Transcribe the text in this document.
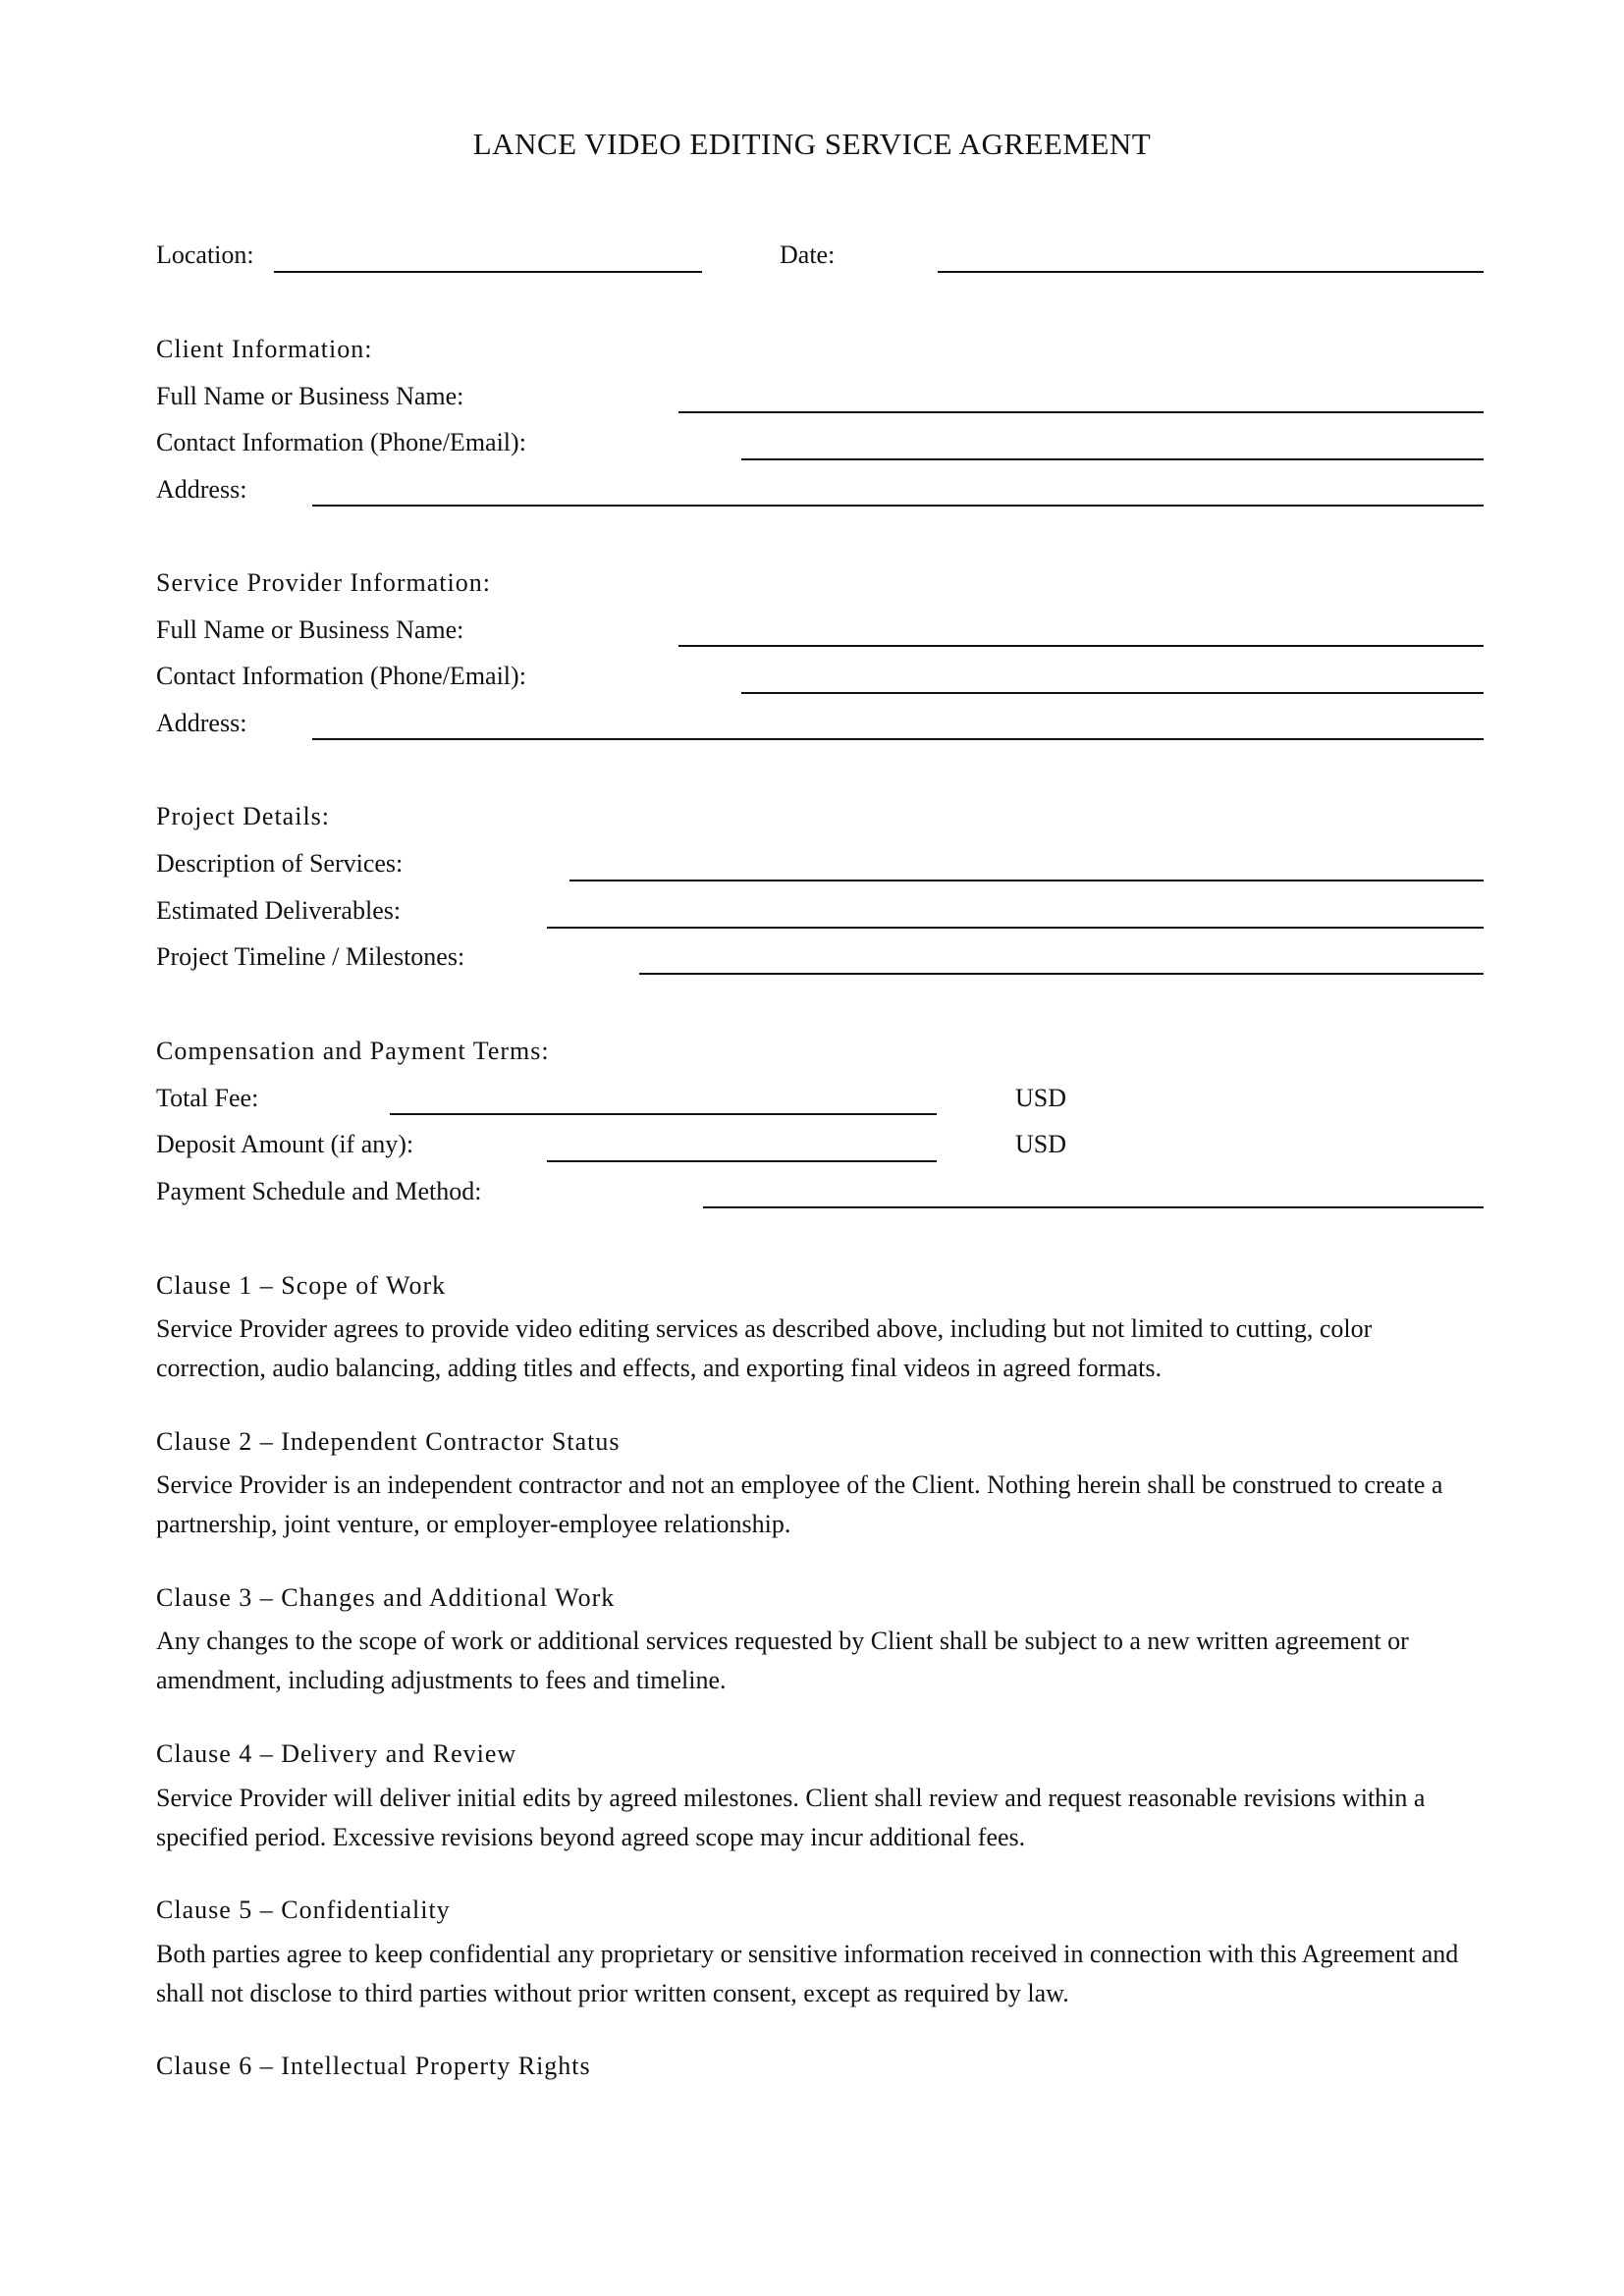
LANCE VIDEO EDITING SERVICE AGREEMENT
Location:	Date:
Client Information:
Full Name or Business Name:
Contact Information (Phone/Email):
Address:
Service Provider Information:
Full Name or Business Name:
Contact Information (Phone/Email):
Address:
Project Details:
Description of Services:
Estimated Deliverables:
Project Timeline / Milestones:
Compensation and Payment Terms:
Total Fee:	USD
Deposit Amount (if any):	USD
Payment Schedule and Method:
Clause 1 – Scope of Work
Service Provider agrees to provide video editing services as described above, including but not limited to cutting, color correction, audio balancing, adding titles and effects, and exporting final videos in agreed formats.
Clause 2 – Independent Contractor Status
Service Provider is an independent contractor and not an employee of the Client. Nothing herein shall be construed to create a partnership, joint venture, or employer-employee relationship.
Clause 3 – Changes and Additional Work
Any changes to the scope of work or additional services requested by Client shall be subject to a new written agreement or amendment, including adjustments to fees and timeline.
Clause 4 – Delivery and Review
Service Provider will deliver initial edits by agreed milestones. Client shall review and request reasonable revisions within a specified period. Excessive revisions beyond agreed scope may incur additional fees.
Clause 5 – Confidentiality
Both parties agree to keep confidential any proprietary or sensitive information received in connection with this Agreement and shall not disclose to third parties without prior written consent, except as required by law.
Clause 6 – Intellectual Property Rights
